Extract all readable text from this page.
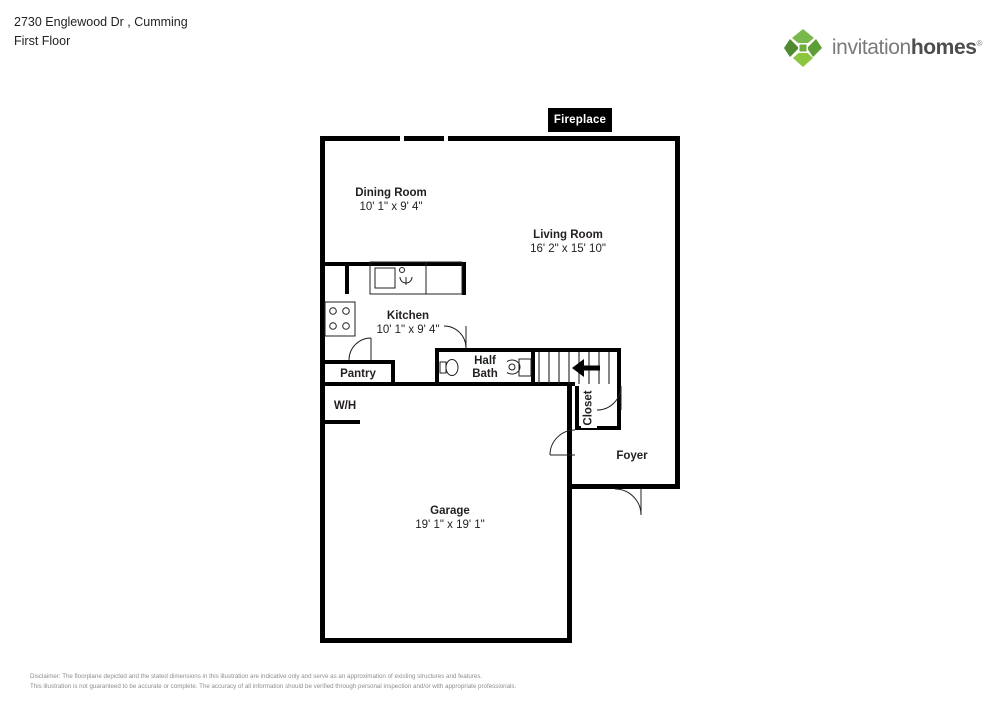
2730 Englewood Dr , Cumming
First Floor	invitationhomes®
Dining Room
10' 1" x 9' 4"
Living Room
16' 2" x 15' 10"
Kitchen
10' 1" x 9' 4"
Garage
19' 1" x 19' 1"
Fireplace
Half Bath
Pantry
W/H	Closet
Foyer
Disclaimer: The floorplane depicted and the stated dimensions in this illustration are indicative only and serve as an approximation of existing structures and features.
This illustration is not guaranteed to be accurate or complete. The accuracy of all information should be verified through personal inspection and/or with appropriate professionals.
